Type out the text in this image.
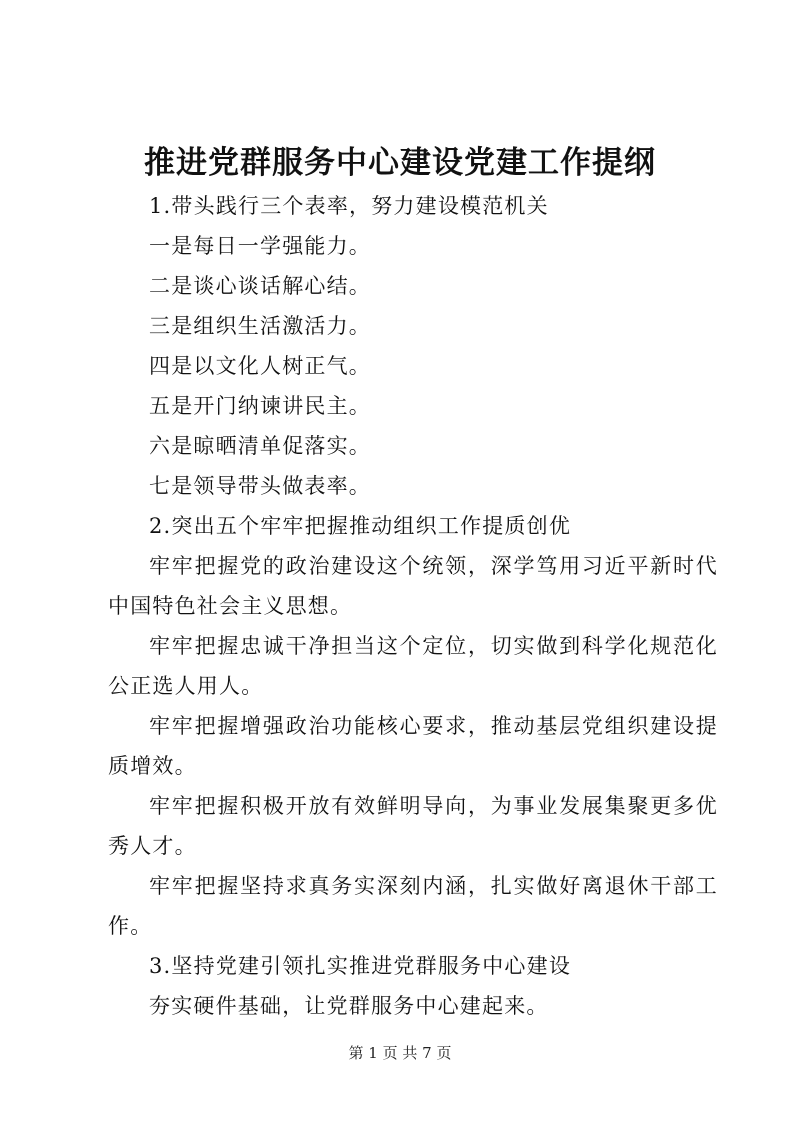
推进党群服务中心建设党建工作提纲

1.带头践行三个表率，努力建设模范机关

一是每日一学强能力。

二是谈心谈话解心结。

三是组织生活激活力。

四是以文化人树正气。

五是开门纳谏讲民主。

六是晾晒清单促落实。

七是领导带头做表率。

2.突出五个牢牢把握推动组织工作提质创优

牢牢把握党的政治建设这个统领，深学笃用习近平新时代中国特色社会主义思想。

牢牢把握忠诚干净担当这个定位，切实做到科学化规范化公正选人用人。

牢牢把握增强政治功能核心要求，推动基层党组织建设提质增效。

牢牢把握积极开放有效鲜明导向，为事业发展集聚更多优秀人才。

牢牢把握坚持求真务实深刻内涵，扎实做好离退休干部工作。

3.坚持党建引领扎实推进党群服务中心建设

夯实硬件基础，让党群服务中心建起来。

第 1 页 共 7 页
